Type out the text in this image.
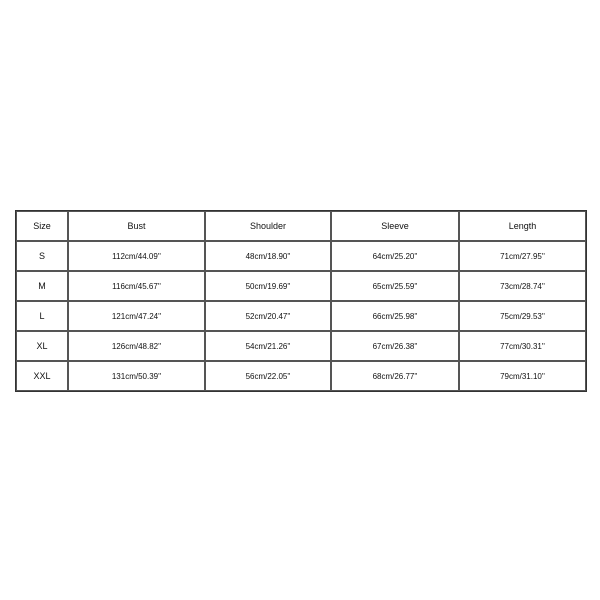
Size	Bust	Shoulder	Sleeve	Length
S	112cm/44.09''	48cm/18.90''	64cm/25.20''	71cm/27.95''
M	116cm/45.67''	50cm/19.69''	65cm/25.59''	73cm/28.74''
L	121cm/47.24''	52cm/20.47''	66cm/25.98''	75cm/29.53''
XL	126cm/48.82''	54cm/21.26''	67cm/26.38''	77cm/30.31''
XXL	131cm/50.39''	56cm/22.05''	68cm/26.77''	79cm/31.10''
